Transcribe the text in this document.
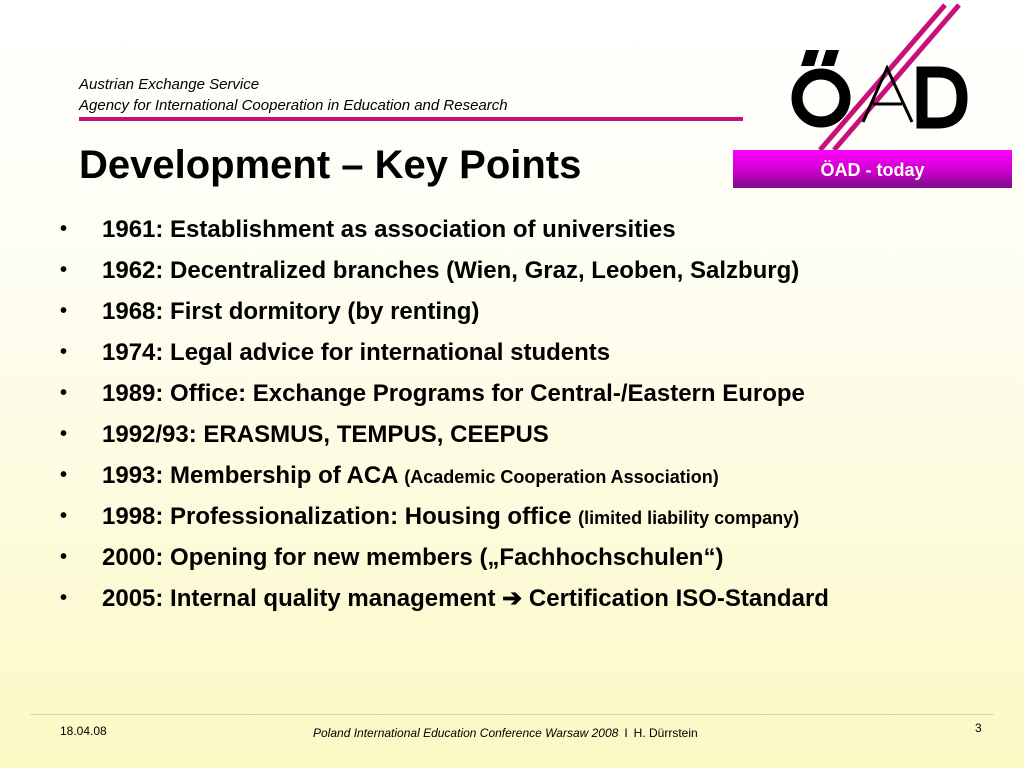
Austrian Exchange Service
Agency for International Cooperation in Education and Research
ÖAD - today
Development – Key Points
• 1961: Establishment as association of universities
• 1962: Decentralized branches (Wien, Graz, Leoben, Salzburg)
• 1968: First dormitory (by renting)
• 1974: Legal advice for international students
• 1989: Office: Exchange Programs for Central-/Eastern Europe
• 1992/93: ERASMUS, TEMPUS, CEEPUS
• 1993: Membership of ACA (Academic Cooperation Association)
• 1998: Professionalization: Housing office (limited liability company)
• 2000: Opening for new members („Fachhochschulen“)
• 2005: Internal quality management ➔ Certification ISO-Standard
18.04.08	Poland International Education Conference Warsaw 2008 I H. Dürrstein	3
